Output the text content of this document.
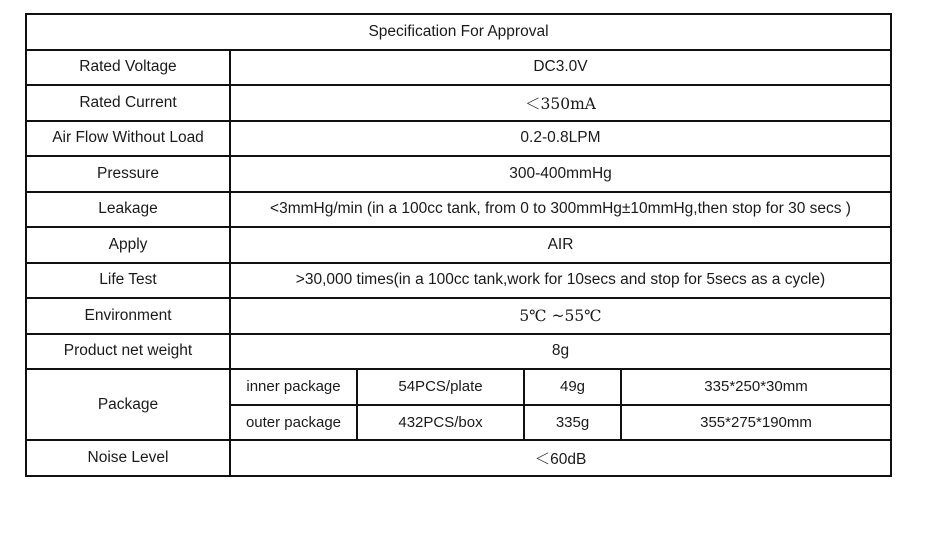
Specification For Approval				
Rated Voltage	DC3.0V			
Rated Current	＜350mA			
Air Flow Without Load	0.2-0.8LPM			
Pressure	300-400mmHg			
Leakage	<3mmHg/min (in a 100cc tank, from 0 to 300mmHg±10mmHg,then stop for 30 secs )			
Apply	AIR			
Life Test	>30,000 times(in a 100cc tank,work for 10secs and stop for 5secs as a cycle)			
Environment	5℃ ~55℃			
Product net weight	8g			
Package	inner package	54PCS/plate	49g	335*250*30mm
	outer package	432PCS/box	335g	355*275*190mm
Noise Level	＜60dB			
